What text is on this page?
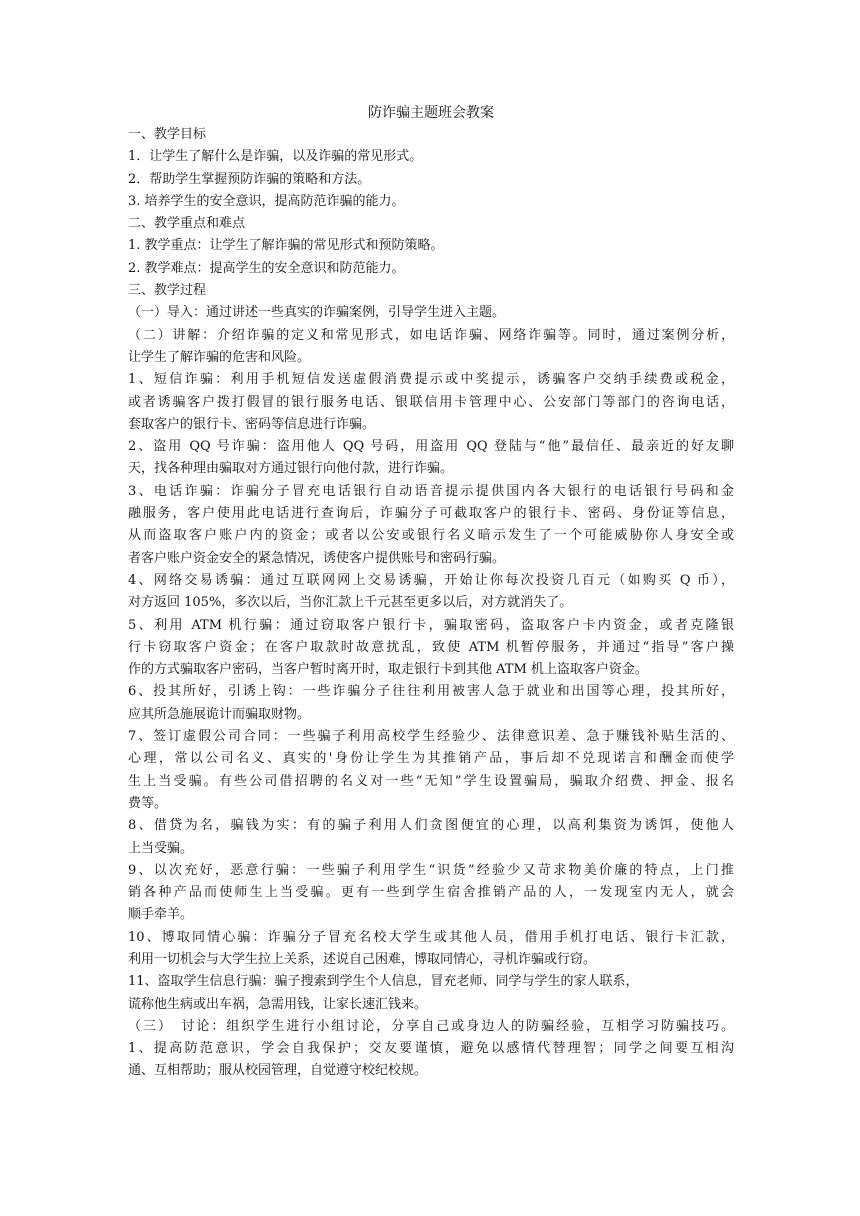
防诈骗主题班会教案
一、教学目标
1．让学生了解什么是诈骗，以及诈骗的常见形式。
2．帮助学生掌握预防诈骗的策略和方法。
3. 培养学生的安全意识，提高防范诈骗的能力。
二、教学重点和难点
1. 教学重点：让学生了解诈骗的常见形式和预防策略。
2. 教学难点：提高学生的安全意识和防范能力。
三、教学过程
（一）导入：通过讲述一些真实的诈骗案例，引导学生进入主题。
（二）讲解：介绍诈骗的定义和常见形式，如电话诈骗、网络诈骗等。同时，通过案例分析，
让学生了解诈骗的危害和风险。
1、短信诈骗：利用手机短信发送虚假消费提示或中奖提示，诱骗客户交纳手续费或税金，
或者诱骗客户拨打假冒的银行服务电话、银联信用卡管理中心、公安部门等部门的咨询电话，
套取客户的银行卡、密码等信息进行诈骗。
2、盗用 QQ 号诈骗：盗用他人 QQ 号码，用盗用 QQ 登陆与“他”最信任、最亲近的好友聊
天，找各种理由骗取对方通过银行向他付款，进行诈骗。
3、电话诈骗：诈骗分子冒充电话银行自动语音提示提供国内各大银行的电话银行号码和金
融服务，客户使用此电话进行查询后，诈骗分子可截取客户的银行卡、密码、身份证等信息，
从而盗取客户账户内的资金；或者以公安或银行名义暗示发生了一个可能威胁你人身安全或
者客户账户资金安全的紧急情况，诱使客户提供账号和密码行骗。
4、网络交易诱骗：通过互联网网上交易诱骗，开始让你每次投资几百元（如购买 Q 币），
对方返回 105%，多次以后，当你汇款上千元甚至更多以后，对方就消失了。
5、利用 ATM 机行骗：通过窃取客户银行卡，骗取密码，盗取客户卡内资金，或者克隆银
行卡窃取客户资金；在客户取款时故意扰乱，致使 ATM 机暂停服务，并通过“指导”客户操
作的方式骗取客户密码，当客户暂时离开时，取走银行卡到其他 ATM 机上盗取客户资金。
6、投其所好，引诱上钩：一些诈骗分子往往利用被害人急于就业和出国等心理，投其所好，
应其所急施展诡计而骗取财物。
7、签订虚假公司合同：一些骗子利用高校学生经验少、法律意识差、急于赚钱补贴生活的、
心理，常以公司名义、真实的'身份让学生为其推销产品，事后却不兑现诺言和酬金而使学
生上当受骗。有些公司借招聘的名义对一些“无知”学生设置骗局，骗取介绍费、押金、报名
费等。
8、借贷为名，骗钱为实：有的骗子利用人们贪图便宜的心理，以高利集资为诱饵，使他人
上当受骗。
9、以次充好，恶意行骗：一些骗子利用学生“识货”经验少又苛求物美价廉的特点，上门推
销各种产品而使师生上当受骗。更有一些到学生宿舍推销产品的人，一发现室内无人，就会
顺手牵羊。
10、博取同情心骗：诈骗分子冒充名校大学生或其他人员，借用手机打电话、银行卡汇款，
利用一切机会与大学生拉上关系，述说自己困难，博取同情心，寻机诈骗或行窃。
11、盗取学生信息行骗：骗子搜索到学生个人信息，冒充老师、同学与学生的家人联系，
谎称他生病或出车祸，急需用钱，让家长速汇钱来。
（三）　讨论：组织学生进行小组讨论，分享自己或身边人的防骗经验，互相学习防骗技巧。
1、提高防范意识，学会自我保护；交友要谨慎，避免以感情代替理智；同学之间要互相沟
通、互相帮助；服从校园管理，自觉遵守校纪校规。
